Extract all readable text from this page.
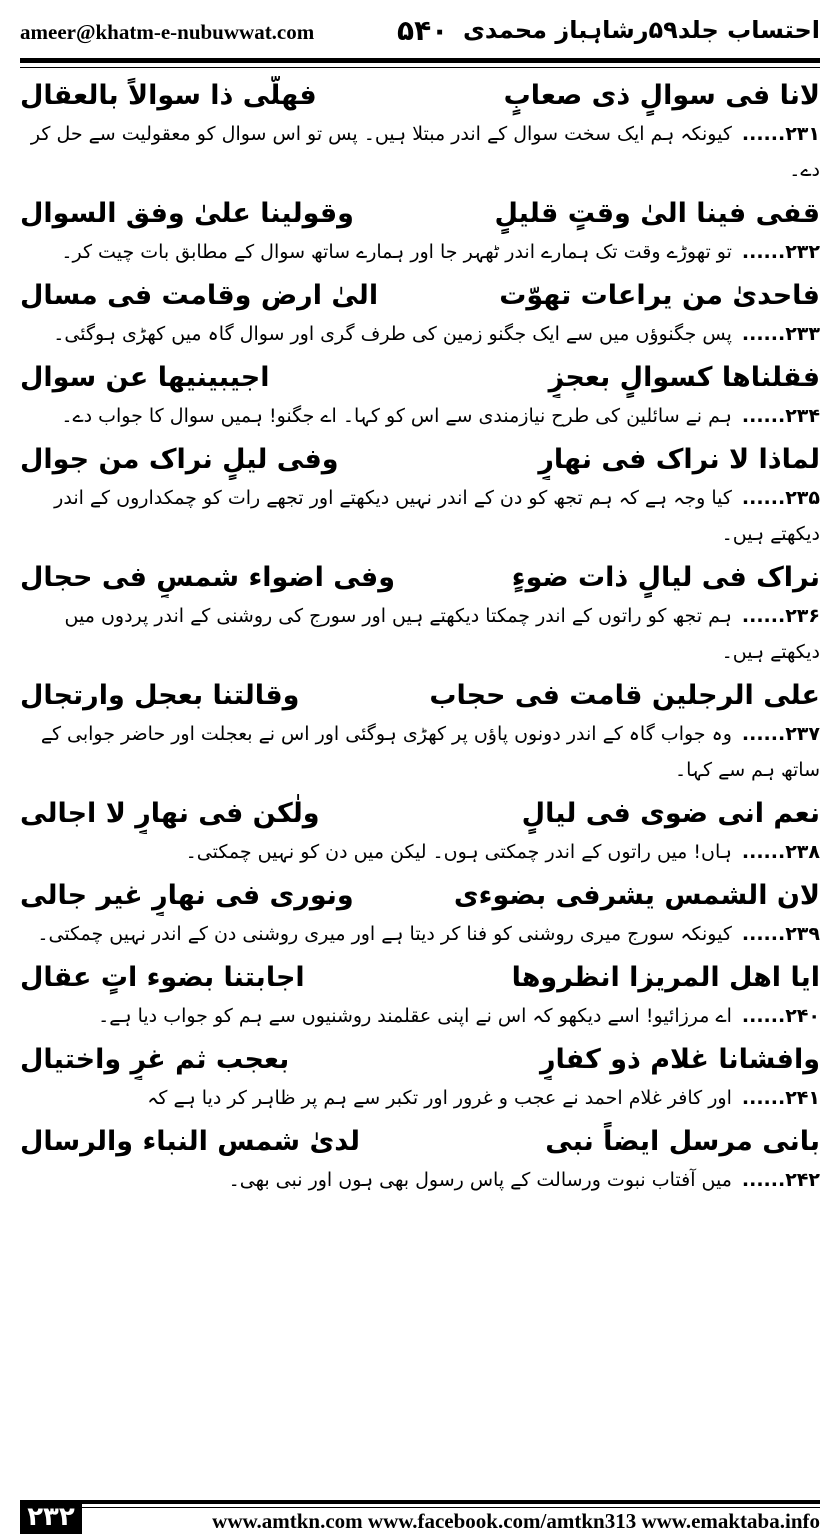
ameer@khatm-e-nubuwwat.com	۵۴۰ احتساب جلد۵۹رشاہباز محمدی
لانا فی سوالٍ ذی صعابٍ
فھلّی ذا سوالاً بالعقال
۲۳۱......کیونکہ ہم ایک سخت سوال کے اندر مبتلا ہیں۔ پس تو اس سوال کو معقولیت سے حل کر دے۔
قفی فینا الیٰ وقتٍ قلیلٍ
وقولینا علیٰ وفق السوال
۲۳۲......تو تھوڑے وقت تک ہمارے اندر ٹھہر جا اور ہمارے ساتھ سوال کے مطابق بات چیت کر۔
فاحدیٰ من یراعات تھوّت
الیٰ ارض وقامت فی مسال
۲۳۳......پس جگنوؤں میں سے ایک جگنو زمین کی طرف گری اور سوال گاہ میں کھڑی ہوگئی۔
فقلناھا کسوالٍ بعجزٍ
اجیبینیھا عن سوال
۲۳۴......ہم نے سائلین کی طرح نیازمندی سے اس کو کہا۔ اے جگنو! ہمیں سوال کا جواب دے۔
لماذا لا نراک فی نھارٍ
وفی لیلٍ نراک من جوال
۲۳۵......کیا وجہ ہے کہ ہم تجھ کو دن کے اندر نہیں دیکھتے اور تجھے رات کو چمکداروں کے اندر دیکھتے ہیں۔
نراک فی لیالٍ ذات ضوءٍ
وفی اضواء شمسٍ فی حجال
۲۳۶......ہم تجھ کو راتوں کے اندر چمکتا دیکھتے ہیں اور سورج کی روشنی کے اندر پردوں میں دیکھتے ہیں۔
علی الرجلین قامت فی حجاب
وقالتنا بعجل وارتجال
۲۳۷......وہ جواب گاہ کے اندر دونوں پاؤں پر کھڑی ہوگئی اور اس نے بعجلت اور حاضر جوابی کے ساتھ ہم سے کہا۔
نعم انی ضوی فی لیالٍ
ولٰکن فی نھارٍ لا اجالی
۲۳۸......ہاں! میں راتوں کے اندر چمکتی ہوں۔ لیکن میں دن کو نہیں چمکتی۔
لان الشمس یشرفی بضوءی
ونوری فی نھارٍ غیر جالی
۲۳۹......کیونکہ سورج میری روشنی کو فنا کر دیتا ہے اور میری روشنی دن کے اندر نہیں چمکتی۔
ایا اھل المریزا انظروھا
اجابتنا بضوء اتٍ عقال
۲۴۰......اے مرزائیو! اسے دیکھو کہ اس نے اپنی عقلمند روشنیوں سے ہم کو جواب دیا ہے۔
وافشانا غلام ذو کفارٍ
بعجب ثم غرٍ واختیال
۲۴۱......اور کافر غلام احمد نے عجب و غرور اور تکبر سے ہم پر ظاہر کر دیا ہے کہ
بانی مرسل ایضاً نبی
لدیٰ شمس النباء والرسال
۲۴۲......میں آفتاب نبوت ورسالت کے پاس رسول بھی ہوں اور نبی بھی۔
۲۳۲	www.amtkn.com www.facebook.com/amtkn313 www.emaktaba.info
